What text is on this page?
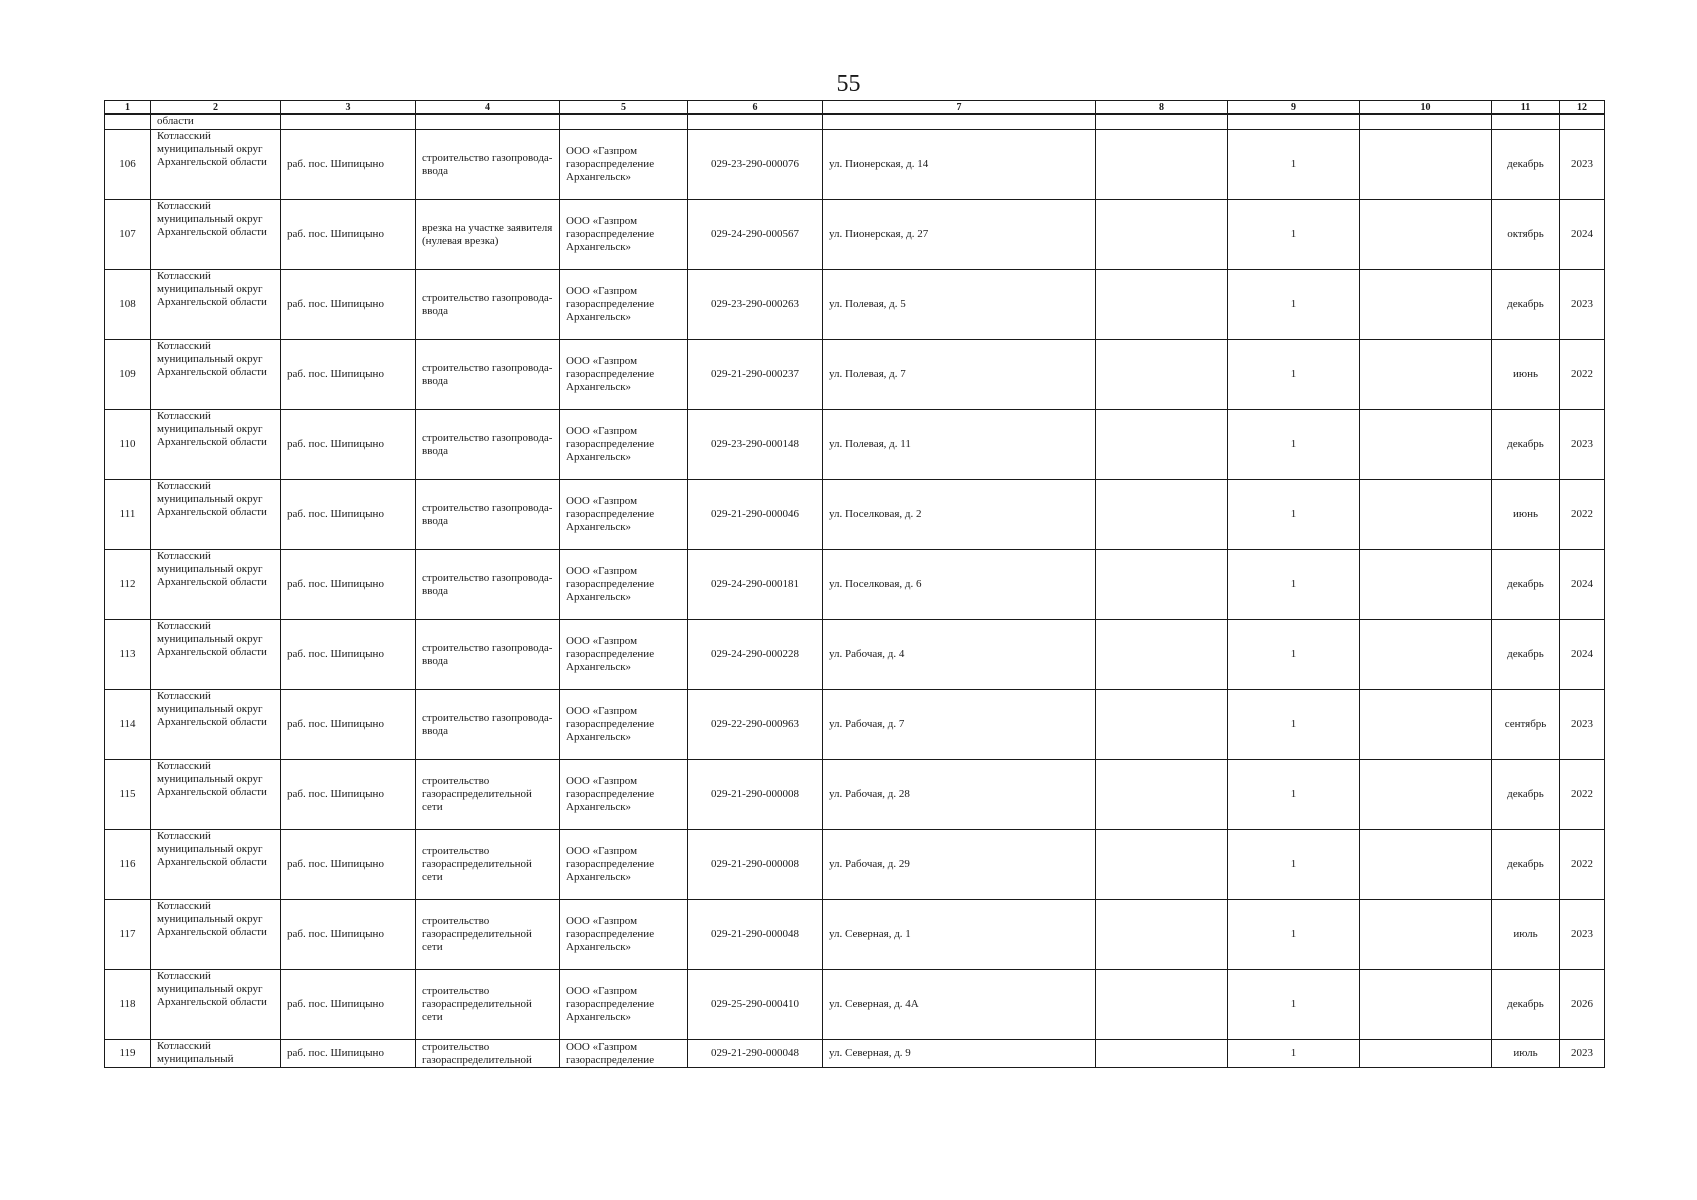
55
1	2	3	4	5	6	7	8	9	10	11	12
	области										
106	Котласский муниципальный округ Архангельской области	раб. пос. Шипицыно	строительство газопровода-ввода	ООО «Газпром газораспределение Архангельск»	029-23-290-000076	ул. Пионерская, д. 14		1		декабрь	2023
107	Котласский муниципальный округ Архангельской области	раб. пос. Шипицыно	врезка на участке заявителя (нулевая врезка)	ООО «Газпром газораспределение Архангельск»	029-24-290-000567	ул. Пионерская, д. 27		1		октябрь	2024
108	Котласский муниципальный округ Архангельской области	раб. пос. Шипицыно	строительство газопровода-ввода	ООО «Газпром газораспределение Архангельск»	029-23-290-000263	ул. Полевая, д. 5		1		декабрь	2023
109	Котласский муниципальный округ Архангельской области	раб. пос. Шипицыно	строительство газопровода-ввода	ООО «Газпром газораспределение Архангельск»	029-21-290-000237	ул. Полевая, д. 7		1		июнь	2022
110	Котласский муниципальный округ Архангельской области	раб. пос. Шипицыно	строительство газопровода-ввода	ООО «Газпром газораспределение Архангельск»	029-23-290-000148	ул. Полевая, д. 11		1		декабрь	2023
111	Котласский муниципальный округ Архангельской области	раб. пос. Шипицыно	строительство газопровода-ввода	ООО «Газпром газораспределение Архангельск»	029-21-290-000046	ул. Поселковая, д. 2		1		июнь	2022
112	Котласский муниципальный округ Архангельской области	раб. пос. Шипицыно	строительство газопровода-ввода	ООО «Газпром газораспределение Архангельск»	029-24-290-000181	ул. Поселковая, д. 6		1		декабрь	2024
113	Котласский муниципальный округ Архангельской области	раб. пос. Шипицыно	строительство газопровода-ввода	ООО «Газпром газораспределение Архангельск»	029-24-290-000228	ул. Рабочая, д. 4		1		декабрь	2024
114	Котласский муниципальный округ Архангельской области	раб. пос. Шипицыно	строительство газопровода-ввода	ООО «Газпром газораспределение Архангельск»	029-22-290-000963	ул. Рабочая, д. 7		1		сентябрь	2023
115	Котласский муниципальный округ Архангельской области	раб. пос. Шипицыно	строительство газораспределительной сети	ООО «Газпром газораспределение Архангельск»	029-21-290-000008	ул. Рабочая, д. 28		1		декабрь	2022
116	Котласский муниципальный округ Архангельской области	раб. пос. Шипицыно	строительство газораспределительной сети	ООО «Газпром газораспределение Архангельск»	029-21-290-000008	ул. Рабочая, д. 29		1		декабрь	2022
117	Котласский муниципальный округ Архангельской области	раб. пос. Шипицыно	строительство газораспределительной сети	ООО «Газпром газораспределение Архангельск»	029-21-290-000048	ул. Северная, д. 1		1		июль	2023
118	Котласский муниципальный округ Архангельской области	раб. пос. Шипицыно	строительство газораспределительной сети	ООО «Газпром газораспределение Архангельск»	029-25-290-000410	ул. Северная, д. 4А		1		декабрь	2026
119	Котласский муниципальный	раб. пос. Шипицыно	строительство газораспределительной	ООО «Газпром газораспределение	029-21-290-000048	ул. Северная, д. 9		1		июль	2023
